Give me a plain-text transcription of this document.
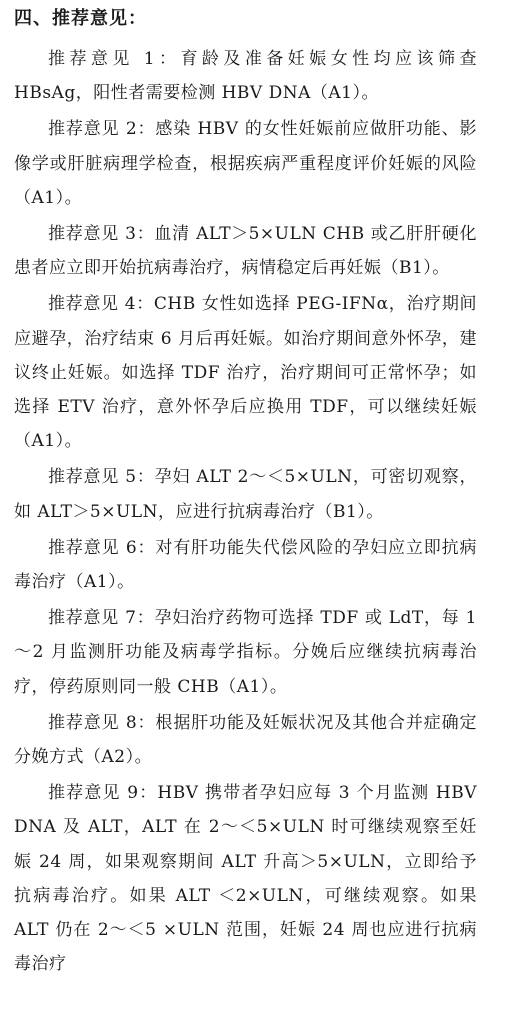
四、推荐意见：

推荐意见 1：育龄及准备妊娠女性均应该筛查 HBsAg，阳性者需要检测 HBV DNA（A1）。

推荐意见 2：感染 HBV 的女性妊娠前应做肝功能、影像学或肝脏病理学检查，根据疾病严重程度评价妊娠的风险（A1）。

推荐意见 3：血清 ALT＞5×ULN CHB 或乙肝肝硬化患者应立即开始抗病毒治疗，病情稳定后再妊娠（B1）。

推荐意见 4：CHB 女性如选择 PEG-IFNα，治疗期间应避孕，治疗结束 6 月后再妊娠。如治疗期间意外怀孕，建议终止妊娠。如选择 TDF 治疗，治疗期间可正常怀孕；如选择 ETV 治疗，意外怀孕后应换用 TDF，可以继续妊娠（A1）。

推荐意见 5：孕妇 ALT 2～＜5×ULN，可密切观察，如 ALT＞5×ULN，应进行抗病毒治疗（B1）。

推荐意见 6：对有肝功能失代偿风险的孕妇应立即抗病毒治疗（A1）。

推荐意见 7：孕妇治疗药物可选择 TDF 或 LdT，每 1～2 月监测肝功能及病毒学指标。分娩后应继续抗病毒治疗，停药原则同一般 CHB（A1）。

推荐意见 8：根据肝功能及妊娠状况及其他合并症确定分娩方式（A2）。

推荐意见 9：HBV 携带者孕妇应每 3 个月监测 HBV DNA 及 ALT，ALT 在 2～＜5×ULN 时可继续观察至妊娠 24 周，如果观察期间 ALT 升高＞5×ULN，立即给予抗病毒治疗。如果 ALT ＜2×ULN，可继续观察。如果 ALT 仍在 2～＜5 ×ULN 范围，妊娠 24 周也应进行抗病毒治疗
